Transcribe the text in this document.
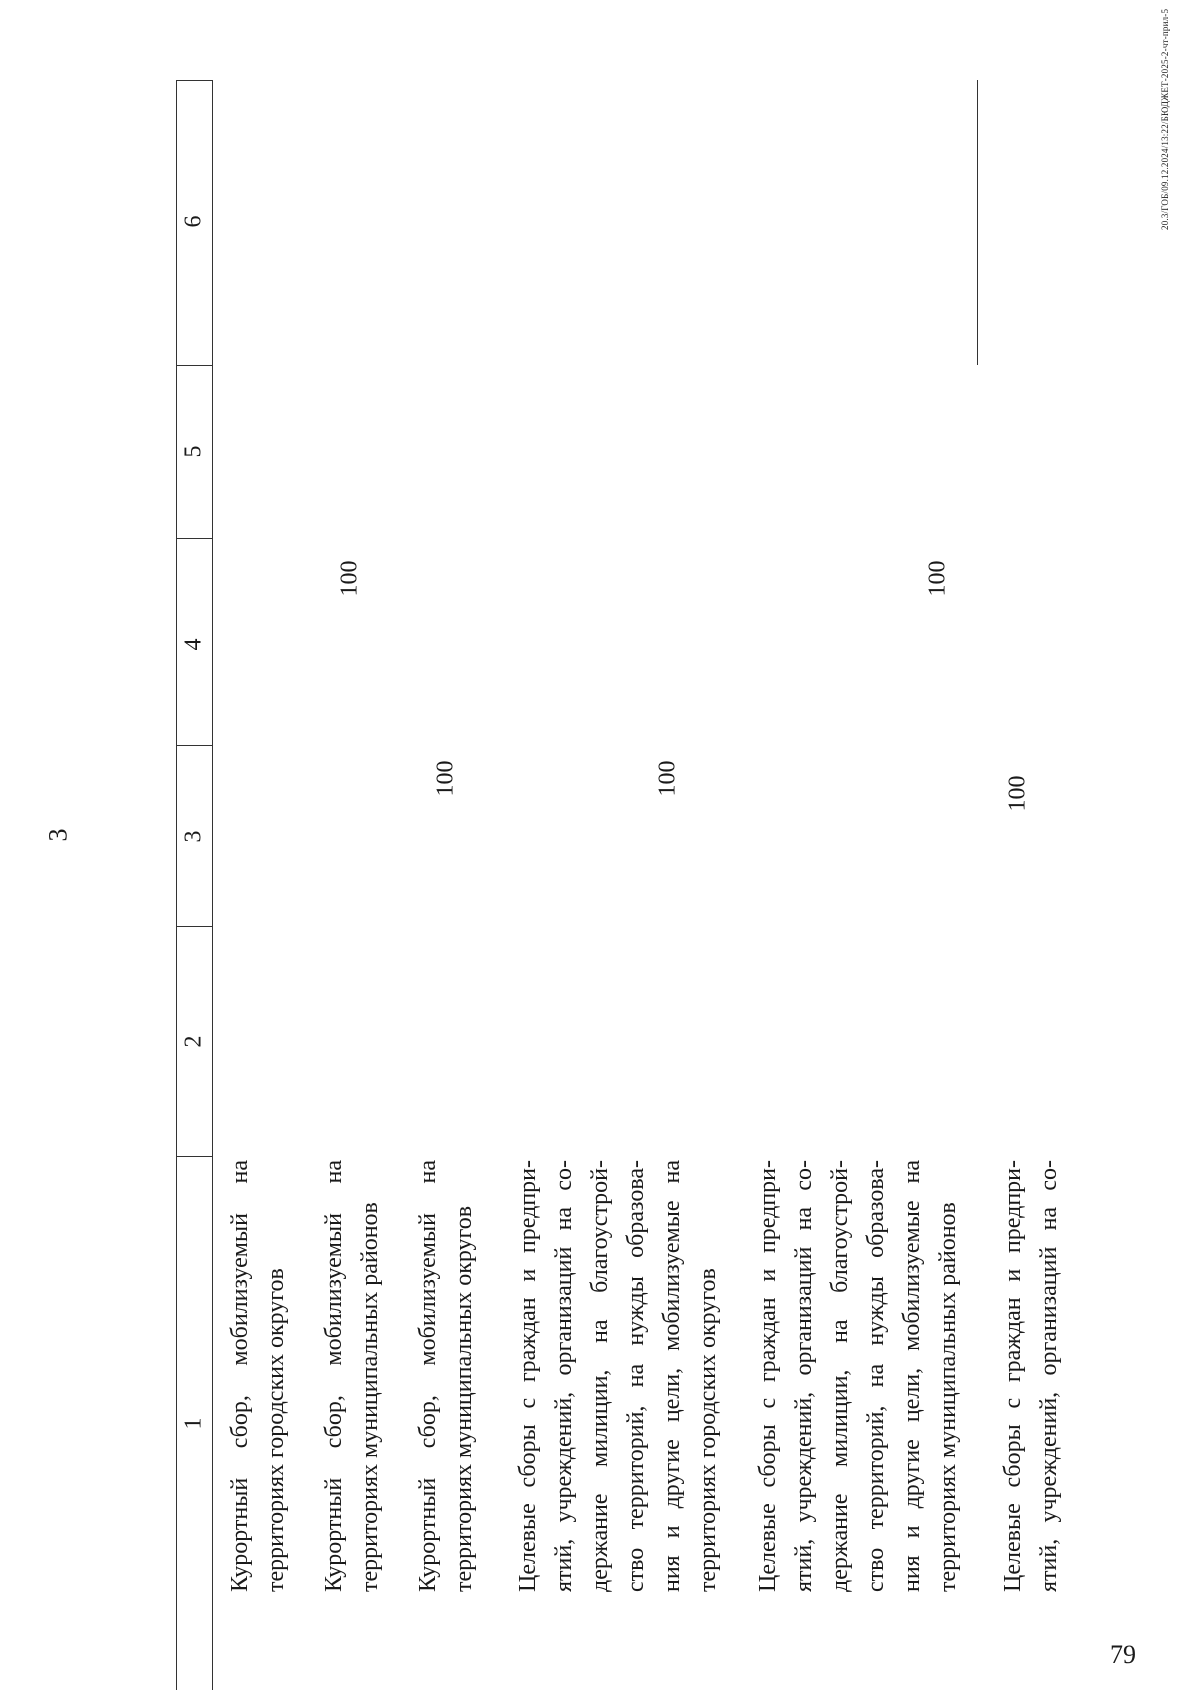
3
79
20.3/ГОБ/09.12.2024/13:22/БЮДЖЕТ-2025-2-чт-прил-5
6
5
4
3
2
1 Курортный сбор, мобилизуемый на территориях городских округов
100
Курортный сбор, мобилизуемый на территориях муниципальных районов
100
Курортный сбор, мобилизуемый на территориях муниципальных округов
100
Целевые сборы с граждан и предпри- ятий, учреждений, организаций на со- держание милиции, на благоустрой- ство территорий, на нужды образова- ния и другие цели, мобилизуемые на территориях городских округов
100
Целевые сборы с граждан и предпри- ятий, учреждений, организаций на со- держание милиции, на благоустрой- ство территорий, на нужды образова- ния и другие цели, мобилизуемые на территориях муниципальных районов
100
Целевые сборы с граждан и предпри- ятий, учреждений, организаций на со-
